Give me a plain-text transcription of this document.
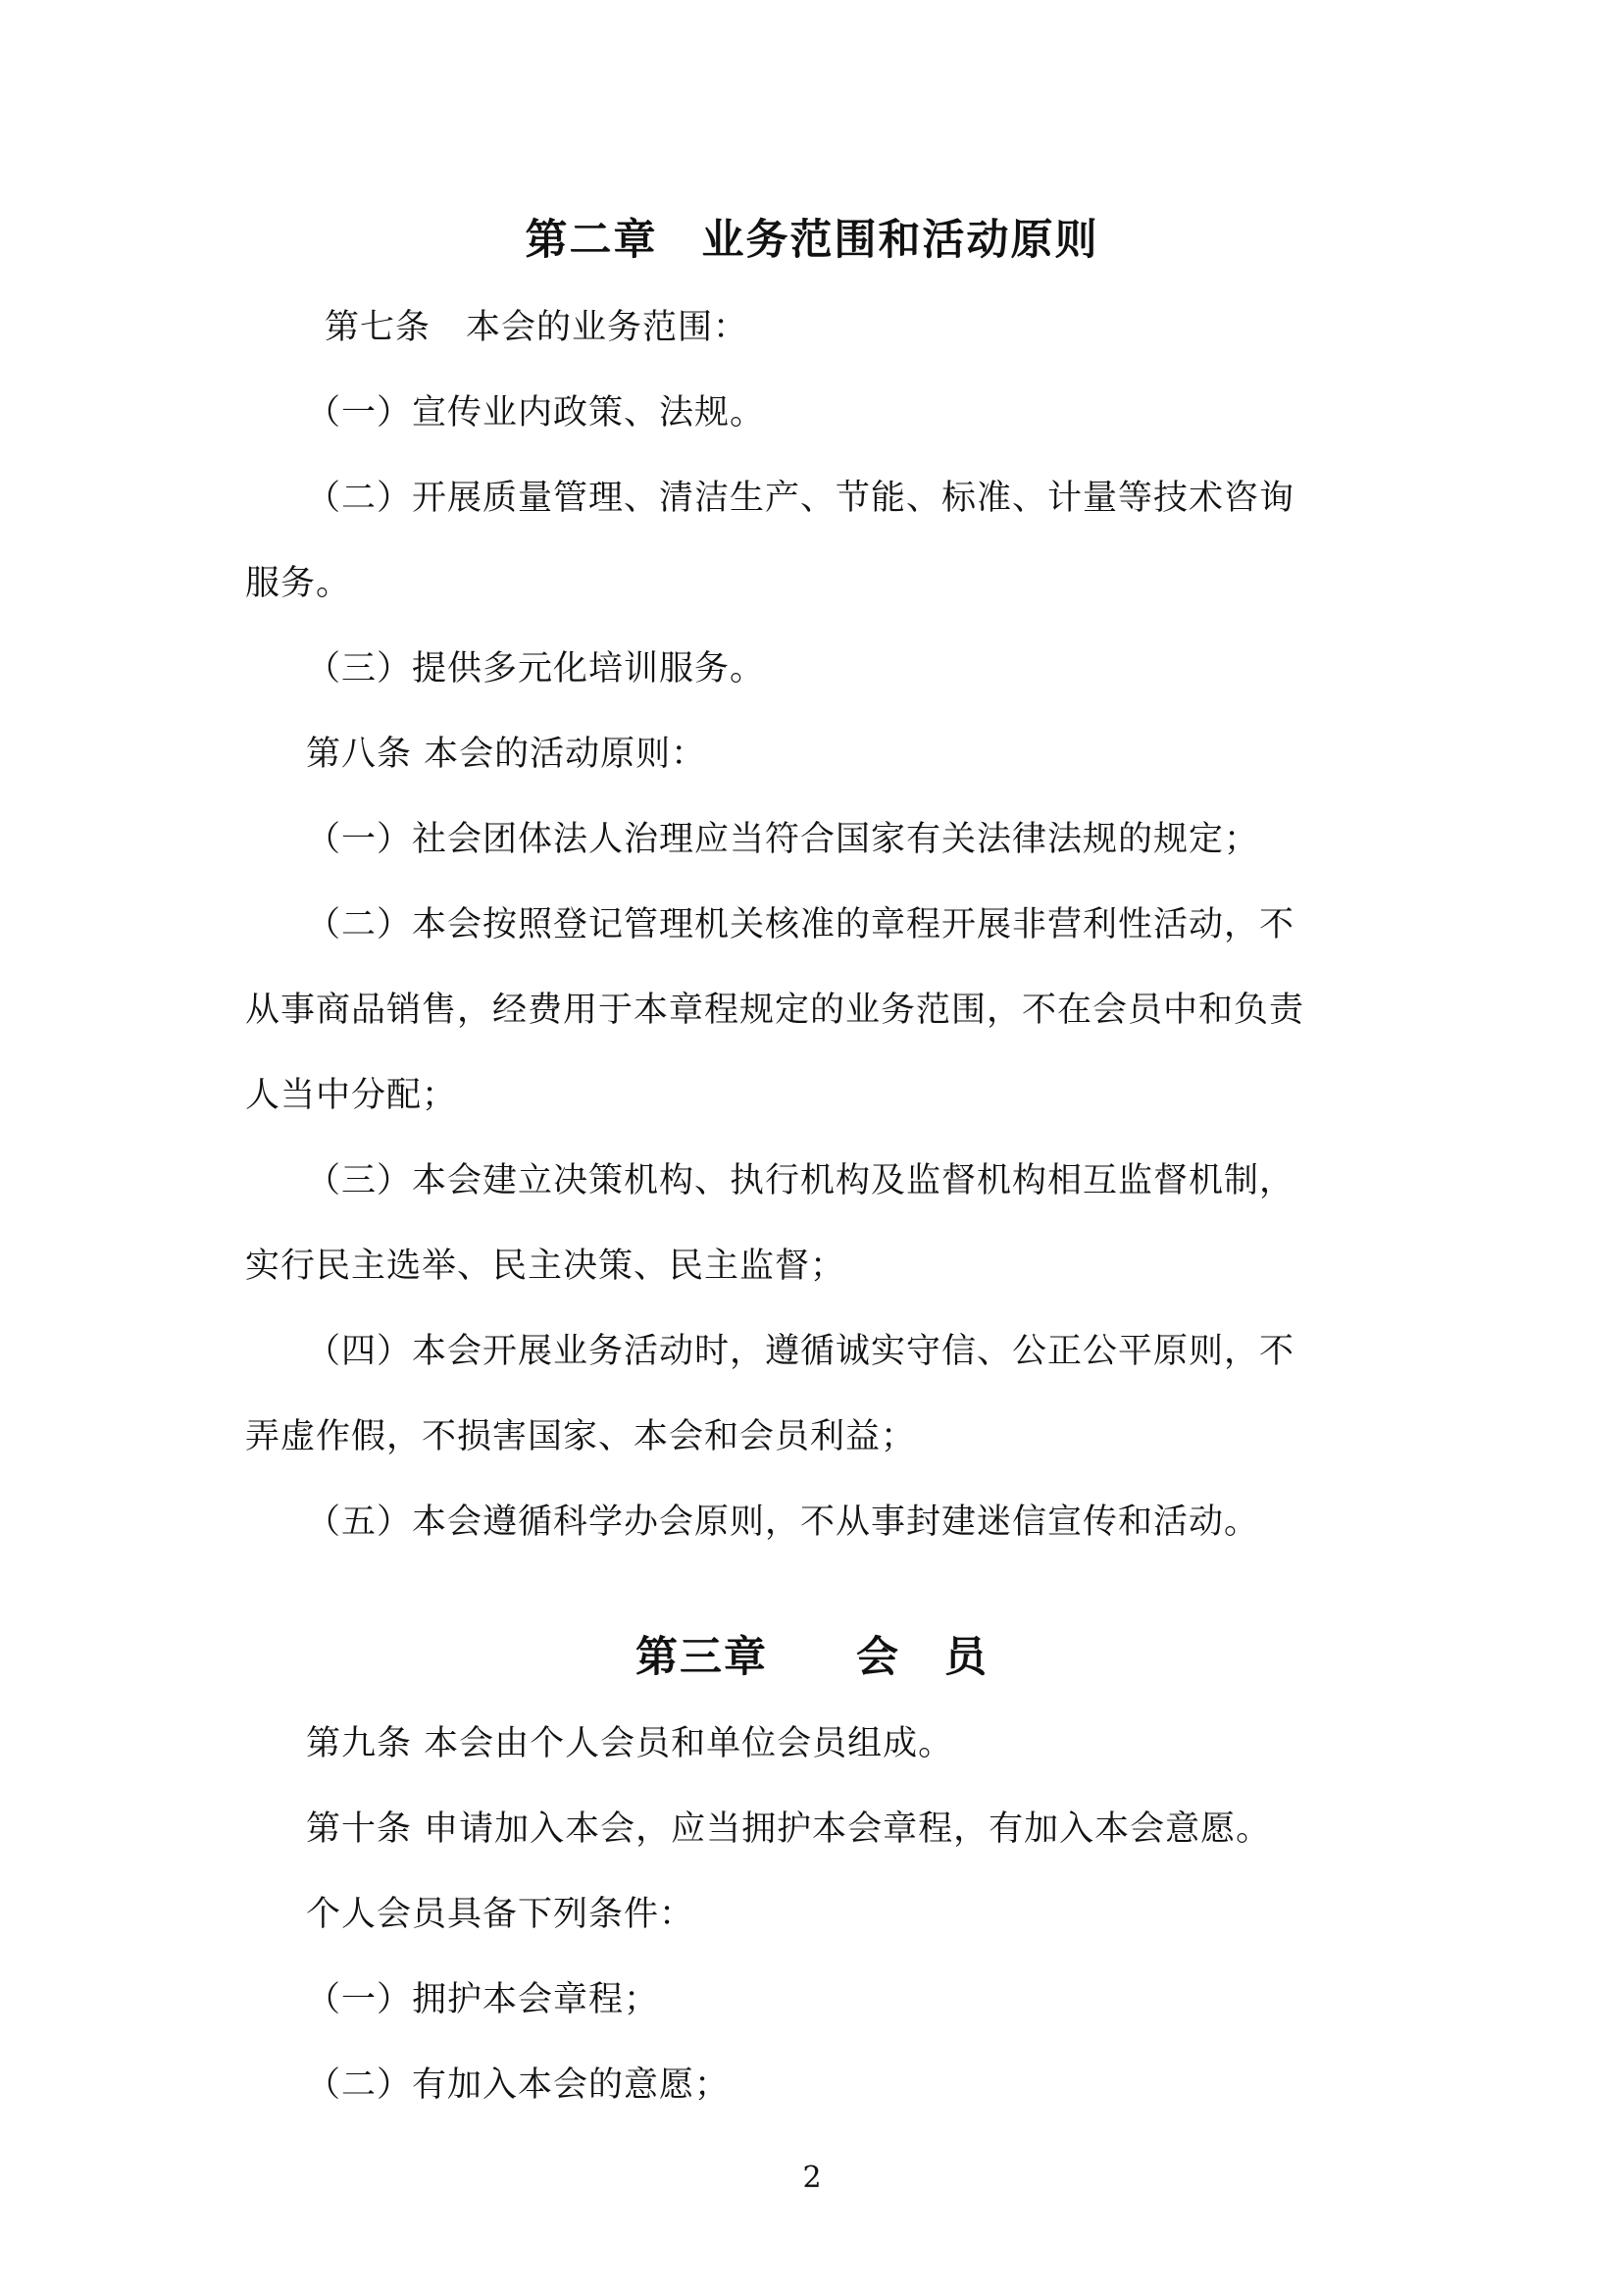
第二章　业务范围和活动原则
第七条　本会的业务范围：
（一）宣传业内政策、法规。
（二）开展质量管理、清洁生产、节能、标准、计量等技术咨询
服务。
（三）提供多元化培训服务。
第八条 本会的活动原则：
（一）社会团体法人治理应当符合国家有关法律法规的规定；
（二）本会按照登记管理机关核准的章程开展非营利性活动，不
从事商品销售，经费用于本章程规定的业务范围，不在会员中和负责
人当中分配；
（三）本会建立决策机构、执行机构及监督机构相互监督机制，
实行民主选举、民主决策、民主监督；
（四）本会开展业务活动时，遵循诚实守信、公正公平原则，不
弄虚作假，不损害国家、本会和会员利益；
（五）本会遵循科学办会原则，不从事封建迷信宣传和活动。
第三章　　会　员
第九条 本会由个人会员和单位会员组成。
第十条 申请加入本会，应当拥护本会章程，有加入本会意愿。
个人会员具备下列条件：
（一）拥护本会章程；
（二）有加入本会的意愿；
2
